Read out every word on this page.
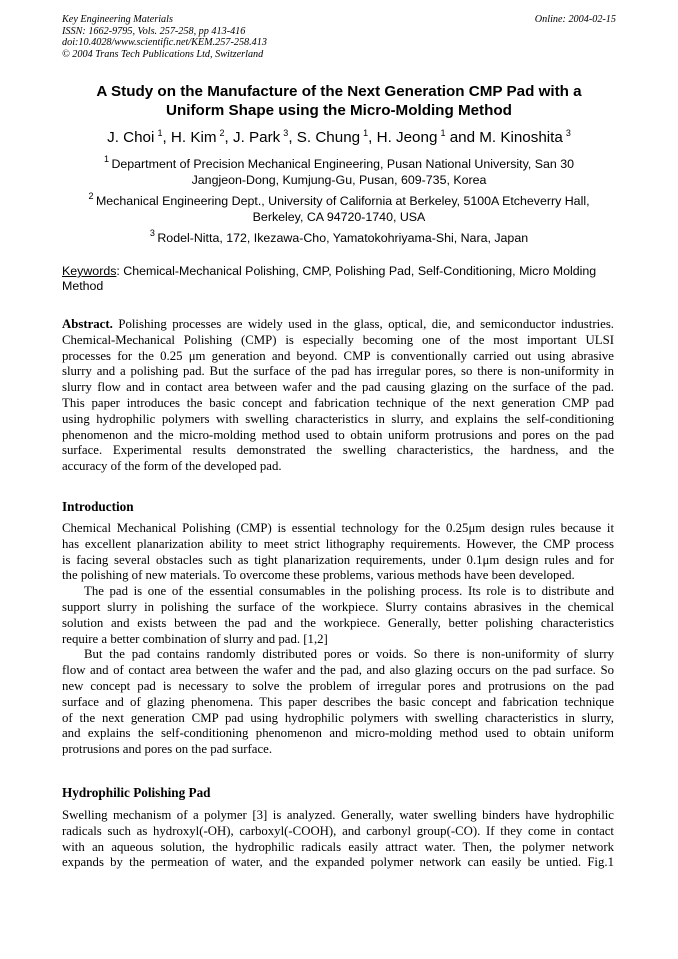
Key Engineering Materials
ISSN: 1662-9795, Vols. 257-258, pp 413-416
doi:10.4028/www.scientific.net/KEM.257-258.413
© 2004 Trans Tech Publications Ltd, Switzerland
Online: 2004-02-15
A Study on the Manufacture of the Next Generation CMP Pad with a
Uniform Shape using the Micro-Molding Method
J. Choi  $^1$, H. Kim  $^2$, J. Park  $^3$, S. Chung  $^1$, H. Jeong  $^1$ and M. Kinoshita  $^3$
$^1$  Department of Precision Mechanical Engineering, Pusan National University, San 30
Jangjeon-Dong, Kumjung-Gu, Pusan, 609-735, Korea
$^2$  Mechanical Engineering Dept., University of California at Berkeley, 5100A Etcheverry Hall,
Berkeley, CA 94720-1740, USA
$^3$  Rodel-Nitta, 172, Ikezawa-Cho, Yamatokohriyama-Shi, Nara, Japan
Keywords: Chemical-Mechanical Polishing, CMP, Polishing Pad, Self-Conditioning, Micro Molding
Method
Abstract. Polishing processes are widely used in the glass, optical, die, and semiconductor industries.
Chemical-Mechanical Polishing (CMP) is especially becoming one of the most important ULSI
processes for the 0.25 μm generation and beyond. CMP is conventionally carried out using abrasive
slurry and a polishing pad. But the surface of the pad has irregular pores, so there is non-uniformity in
slurry flow and in contact area between wafer and the pad causing glazing on the surface of the pad.
This paper introduces the basic concept and fabrication technique of the next generation CMP pad
using hydrophilic polymers with swelling characteristics in slurry, and explains the self-conditioning
phenomenon and the micro-molding method used to obtain uniform protrusions and pores on the pad
surface. Experimental results demonstrated the swelling characteristics, the hardness, and the
accuracy of the form of the developed pad.
Introduction
Chemical Mechanical Polishing (CMP) is essential technology for the 0.25μm design rules because it
has excellent planarization ability to meet strict lithography requirements. However, the CMP process
is facing several obstacles such as tight planarization requirements, under 0.1μm design rules and for
the polishing of new materials. To overcome these problems, various methods have been developed.
The pad is one of the essential consumables in the polishing process. Its role is to distribute and
support slurry in polishing the surface of the workpiece. Slurry contains abrasives in the chemical
solution and exists between the pad and the workpiece. Generally, better polishing characteristics
require a better combination of slurry and pad. [1,2]
But the pad contains randomly distributed pores or voids. So there is non-uniformity of slurry
flow and of contact area between the wafer and the pad, and also glazing occurs on the pad surface. So
new concept pad is necessary to solve the problem of irregular pores and protrusions on the pad
surface and of glazing phenomena. This paper describes the basic concept and fabrication technique
of the next generation CMP pad using hydrophilic polymers with swelling characteristics in slurry,
and explains the self-conditioning phenomenon and micro-molding method used to obtain uniform
protrusions and pores on the pad surface.
Hydrophilic Polishing Pad
Swelling mechanism of a polymer [3] is analyzed. Generally, water swelling binders have hydrophilic
radicals such as hydroxyl(-OH), carboxyl(-COOH), and carbonyl group(-CO). If they come in contact
with an aqueous solution, the hydrophilic radicals easily attract water. Then, the polymer network
expands by the permeation of water, and the expanded polymer network can easily be untied. Fig.1
